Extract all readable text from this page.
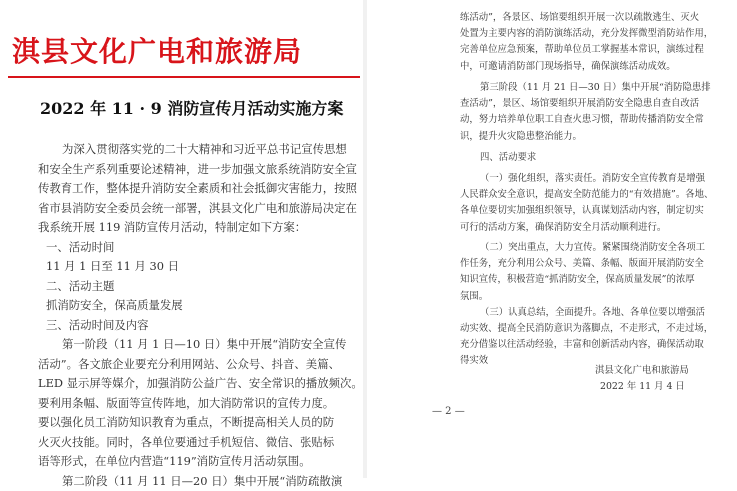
淇县文化广电和旅游局
2022 年 11 · 9 消防宣传月活动实施方案
为深入贯彻落实党的二十大精神和习近平总书记宣传思想
和安全生产系列重要论述精神，进一步加强文旅系统消防安全宣
传教育工作，整体提升消防安全素质和社会抵御灾害能力，按照
省市县消防安全委员会统一部署，淇县文化广电和旅游局决定在
我系统开展 119 消防宣传月活动，特制定如下方案：
一、活动时间
11 月 1 日至 11 月 30 日
二、活动主题
抓消防安全，保高质量发展
三、活动时间及内容
第一阶段（11 月 1 日—10 日）集中开展“消防安全宣传
活动”。各文旅企业要充分利用网站、公众号、抖音、美篇、
LED 显示屏等媒介，加强消防公益广告、安全常识的播放频次。
要利用条幅、版面等宣传阵地，加大消防常识的宣传力度。
要以强化员工消防知识教育为重点，不断提高相关人员的防
火灭火技能。同时，各单位要通过手机短信、微信、张贴标
语等形式，在单位内营造“119”消防宣传月活动氛围。
第二阶段（11 月 11 日—20 日）集中开展“消防疏散演
练活动”，各景区、场馆要组织开展一次以疏散逃生、灭火
处置为主要内容的消防演练活动，充分发挥微型消防站作用，
完善单位应急预案，帮助单位员工掌握基本常识，演练过程
中，可邀请消防部门现场指导，确保演练活动成效。
第三阶段（11 月 21 日—30 日）集中开展“消防隐患排
查活动”，景区、场馆要组织开展消防安全隐患自查自改活
动，努力培养单位职工自查火患习惯，帮助传播消防安全常
识，提升火灾隐患整治能力。
四、活动要求
（一）强化组织，落实责任。消防安全宣传教育是增强
人民群众安全意识，提高安全防范能力的“有效措施”。各地、
各单位要切实加强组织领导，认真谋划活动内容，制定切实
可行的活动方案，确保消防安全月活动顺利进行。
（二）突出重点，大力宣传。紧紧围绕消防安全各项工
作任务，充分利用公众号、美篇、条幅、版面开展消防安全
知识宣传，积极营造“抓消防安全，保高质量发展”的浓厚
氛围。
（三）认真总结，全面提升。各地、各单位要以增强活
动实效、提高全民消防意识为落脚点，不走形式，不走过场，
充分借鉴以往活动经验，丰富和创新活动内容，确保活动取
得实效
淇县文化广电和旅游局
2022 年 11 月 4 日
— 2 —
